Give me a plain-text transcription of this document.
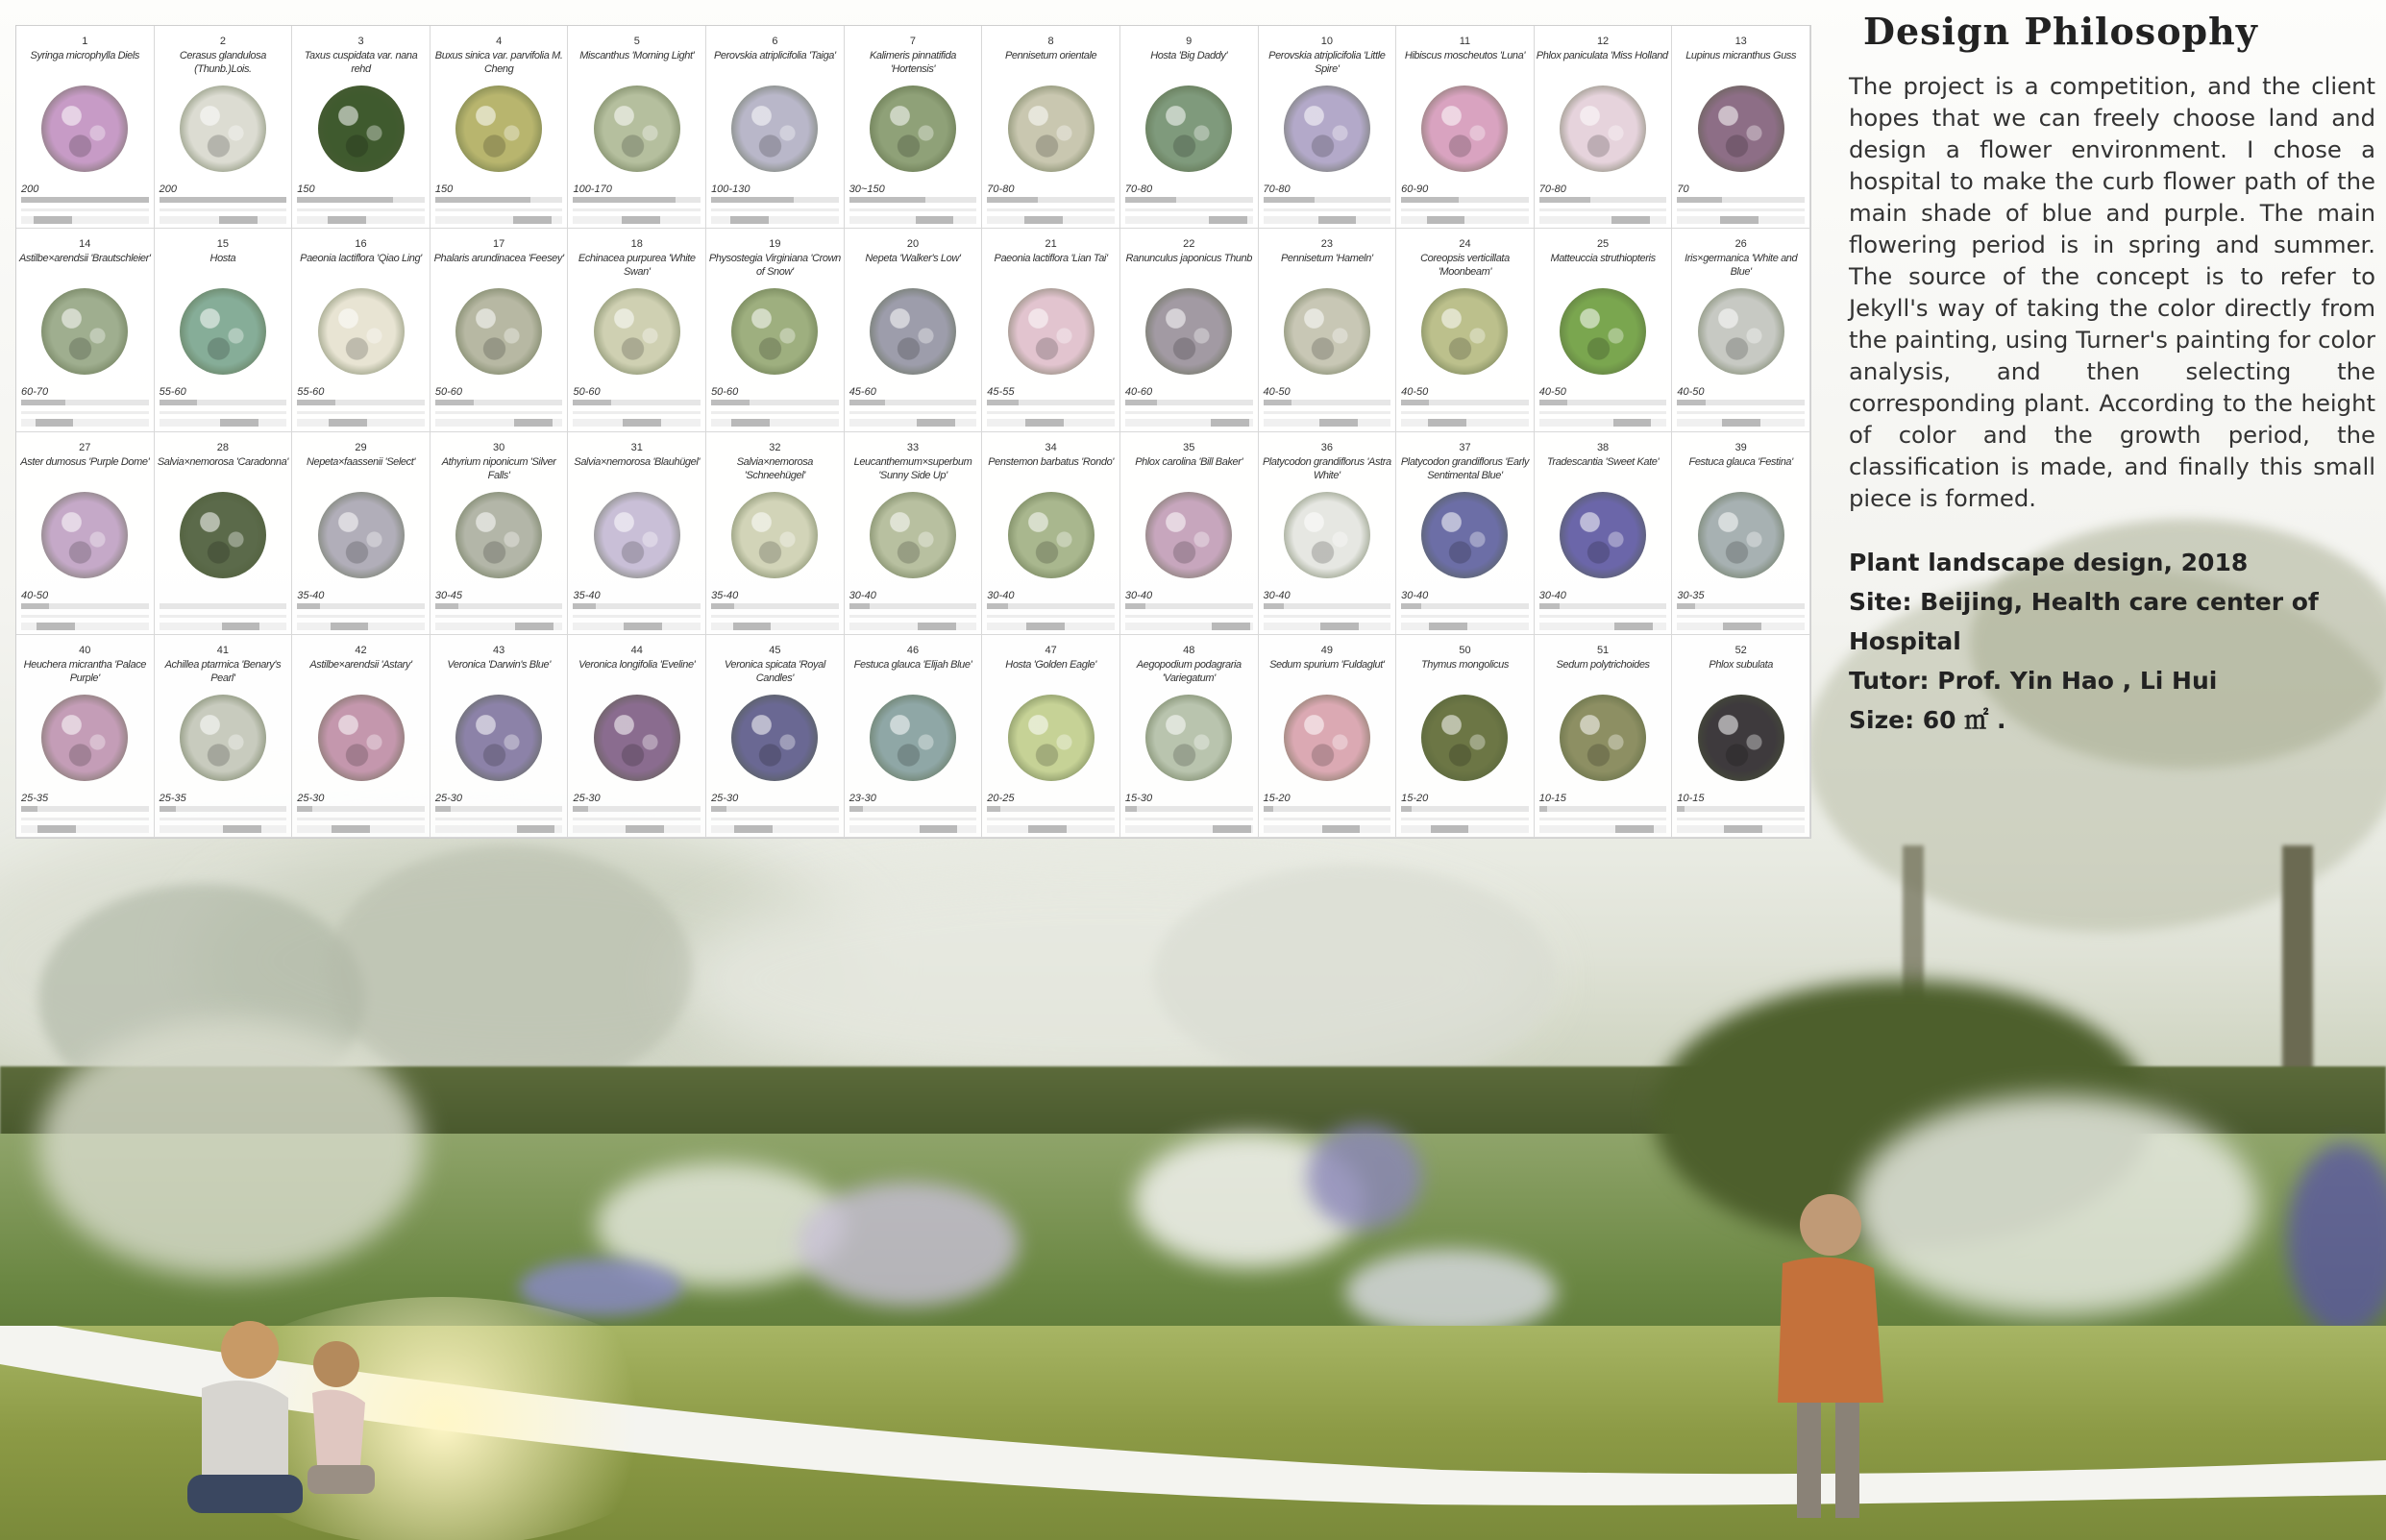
1
Syringa microphylla Diels
200
2
Cerasus glandulosa (Thunb.)Lois.
200
3
Taxus cuspidata var. nana rehd
150
4
Buxus sinica var. parvifolia M. Cheng
150
5
Miscanthus 'Morning Light'
100-170
6
Perovskia atriplicifolia 'Taiga'
100-130
7
Kalimeris pinnatifida 'Hortensis'
30~150
8
Pennisetum orientale
70-80
9
Hosta 'Big Daddy'
70-80
10
Perovskia atriplicifolia 'Little Spire'
70-80
11
Hibiscus moscheutos 'Luna'
60-90
12
Phlox paniculata 'Miss Holland'
70-80
13
Lupinus micranthus Guss
70
14
Astilbe×arendsii 'Brautschleier'
60-70
15
Hosta
55-60
16
Paeonia lactiflora 'Qiao Ling'
55-60
17
Phalaris arundinacea 'Feesey'
50-60
18
Echinacea purpurea 'White Swan'
50-60
19
Physostegia Virginiana 'Crown of Snow'
50-60
20
Nepeta 'Walker's Low'
45-60
21
Paeonia lactiflora 'Lian Tai'
45-55
22
Ranunculus japonicus Thunb
40-60
23
Pennisetum 'Hameln'
40-50
24
Coreopsis verticillata 'Moonbeam'
40-50
25
Matteuccia struthiopteris
40-50
26
Iris×germanica 'White and Blue'
40-50
27
Aster dumosus 'Purple Dome'
40-50
28
Salvia×nemorosa 'Caradonna'
29
Nepeta×faassenii 'Select'
35-40
30
Athyrium niponicum 'Silver Falls'
30-45
31
Salvia×nemorosa 'Blauhügel'
35-40
32
Salvia×nemorosa 'Schneehügel'
35-40
33
Leucanthemum×superbum 'Sunny Side Up'
30-40
34
Penstemon barbatus 'Rondo'
30-40
35
Phlox carolina 'Bill Baker'
30-40
36
Platycodon grandiflorus 'Astra White'
30-40
37
Platycodon grandiflorus 'Early Sentimental Blue'
30-40
38
Tradescantia 'Sweet Kate'
30-40
39
Festuca glauca 'Festina'
30-35
40
Heuchera micrantha 'Palace Purple'
25-35
41
Achillea ptarmica 'Benary's Pearl'
25-35
42
Astilbe×arendsii 'Astary'
25-30
43
Veronica 'Darwin's Blue'
25-30
44
Veronica longifolia 'Eveline'
25-30
45
Veronica spicata 'Royal Candles'
25-30
46
Festuca glauca 'Elijah Blue'
23-30
47
Hosta 'Golden Eagle'
20-25
48
Aegopodium podagraria 'Variegatum'
15-30
49
Sedum spurium 'Fuldaglut'
15-20
50
Thymus mongolicus
15-20
51
Sedum polytrichoides
10-15
52
Phlox subulata
10-15
Design Philosophy

The project is a competition, and the client hopes that we can freely choose land and design a flower environment. I chose a hospital to make the curb flower path of the main shade of blue and purple. The main flowering period is in spring and summer. The source of the concept is to refer to Jekyll's way of taking the color directly from the painting, using Turner's painting for color analysis, and then selecting the corresponding plant. According to the height of color and the growth period, the classification is made, and finally this small piece is formed.

Plant landscape design, 2018
Site: Beijing, Health care center of
Hospital
Tutor: Prof. Yin Hao , Li Hui
Size: 60 ㎡ .
